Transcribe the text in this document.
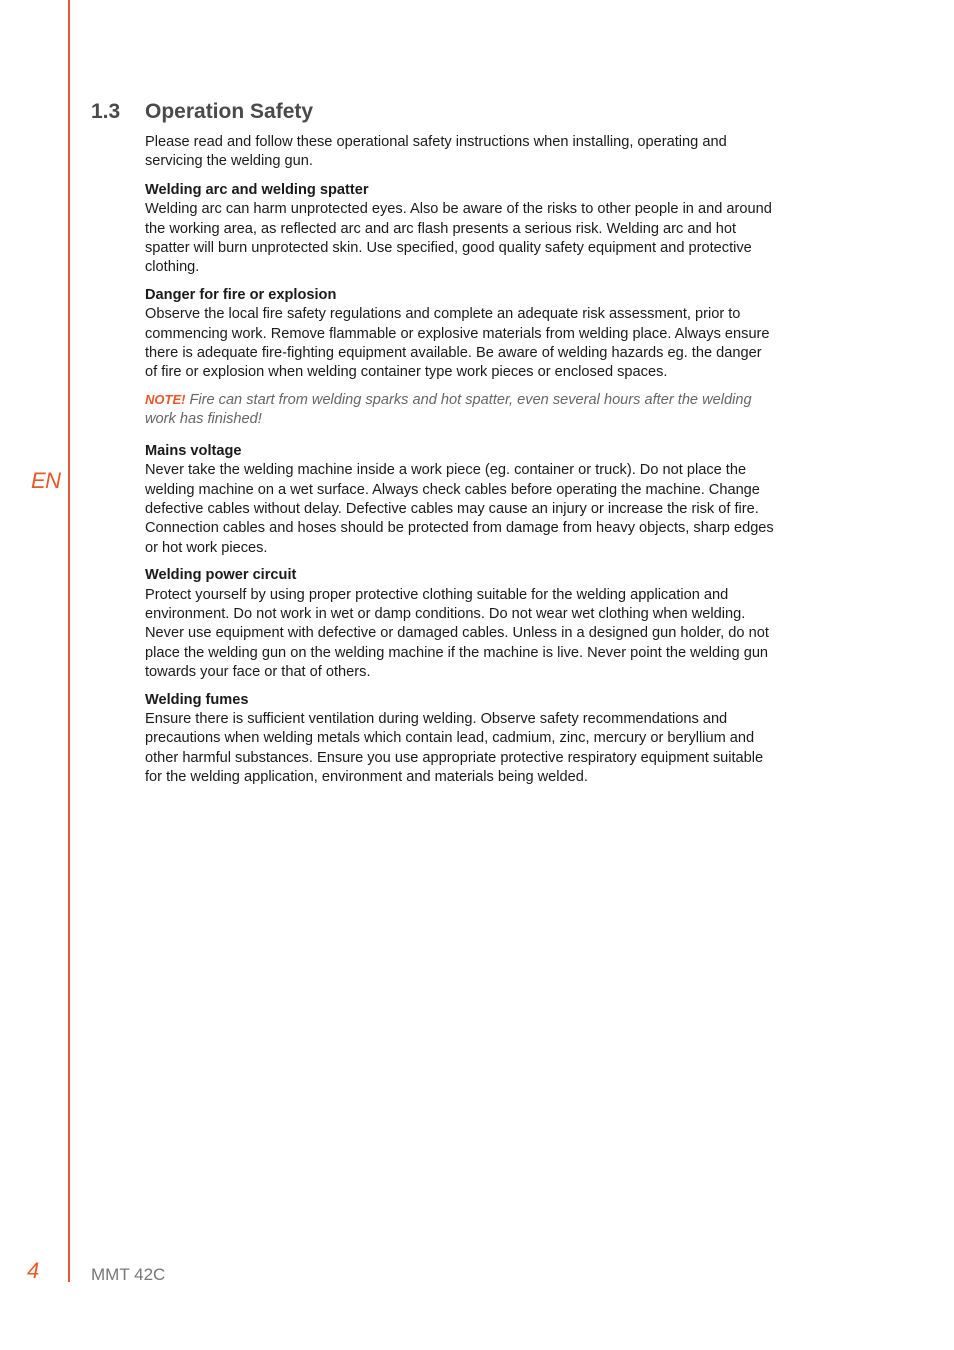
EN
1.3 Operation Safety

Please read and follow these operational safety instructions when installing, operating and servicing the welding gun.

Welding arc and welding spatter

Welding arc can harm unprotected eyes. Also be aware of the risks to other people in and around the working area, as reflected arc and arc flash presents a serious risk. Welding arc and hot spatter will burn unprotected skin. Use specified, good quality safety equipment and protective clothing.

Danger for fire or explosion

Observe the local fire safety regulations and complete an adequate risk assessment, prior to commencing work. Remove flammable or explosive materials from welding place. Always ensure there is adequate fire-fighting equipment available. Be aware of welding hazards eg. the danger of fire or explosion when welding container type work pieces or enclosed spaces.

NOTE! Fire can start from welding sparks and hot spatter, even several hours after the welding work has finished!

Mains voltage

Never take the welding machine inside a work piece (eg. container or truck). Do not place the welding machine on a wet surface. Always check cables before operating the machine. Change defective cables without delay. Defective cables may cause an injury or increase the risk of fire. Connection cables and hoses should be protected from damage from heavy objects, sharp edges or hot work pieces.

Welding power circuit

Protect yourself by using proper protective clothing suitable for the welding application and environment. Do not work in wet or damp conditions. Do not wear wet clothing when welding. Never use equipment with defective or damaged cables. Unless in a designed gun holder, do not place the welding gun on the welding machine if the machine is live. Never point the welding gun towards your face or that of others.

Welding fumes

Ensure there is sufficient ventilation during welding. Observe safety recommendations and precautions when welding metals which contain lead, cadmium, zinc, mercury or beryllium and other harmful substances. Ensure you use appropriate protective respiratory equipment suitable for the welding application, environment and materials being welded.

4	MMT 42C
